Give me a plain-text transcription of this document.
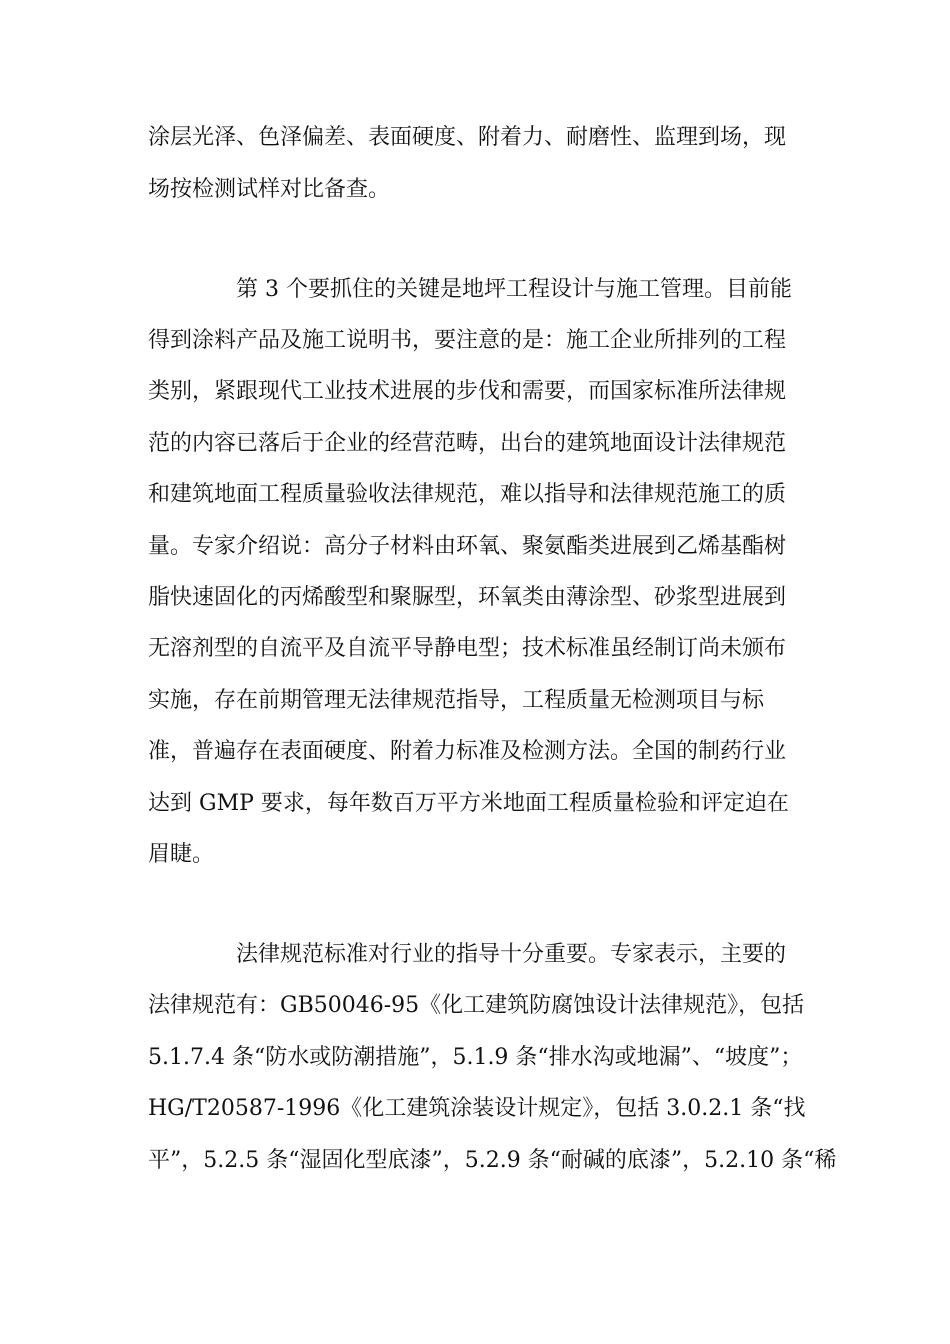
涂层光泽、色泽偏差、表面硬度、附着力、耐磨性、监理到场，现
场按检测试样对比备查。
第 3 个要抓住的关键是地坪工程设计与施工管理。目前能
得到涂料产品及施工说明书，要注意的是：施工企业所排列的工程
类别，紧跟现代工业技术进展的步伐和需要，而国家标准所法律规
范的内容已落后于企业的经营范畴，出台的建筑地面设计法律规范
和建筑地面工程质量验收法律规范，难以指导和法律规范施工的质
量。专家介绍说：高分子材料由环氧、聚氨酯类进展到乙烯基酯树
脂快速固化的丙烯酸型和聚脲型，环氧类由薄涂型、砂浆型进展到
无溶剂型的自流平及自流平导静电型；技术标准虽经制订尚未颁布
实施，存在前期管理无法律规范指导，工程质量无检测项目与标
准，普遍存在表面硬度、附着力标准及检测方法。全国的制药行业
达到 GMP 要求，每年数百万平方米地面工程质量检验和评定迫在
眉睫。
法律规范标准对行业的指导十分重要。专家表示，主要的
法律规范有：GB50046-95《化工建筑防腐蚀设计法律规范》，包括
5.1.7.4 条“防水或防潮措施”，5.1.9 条“排水沟或地漏”、“坡度”；
HG/T20587-1996《化工建筑涂装设计规定》，包括 3.0.2.1 条“找
平”，5.2.5 条“湿固化型底漆”，5.2.9 条“耐碱的底漆”，5.2.10 条“稀
